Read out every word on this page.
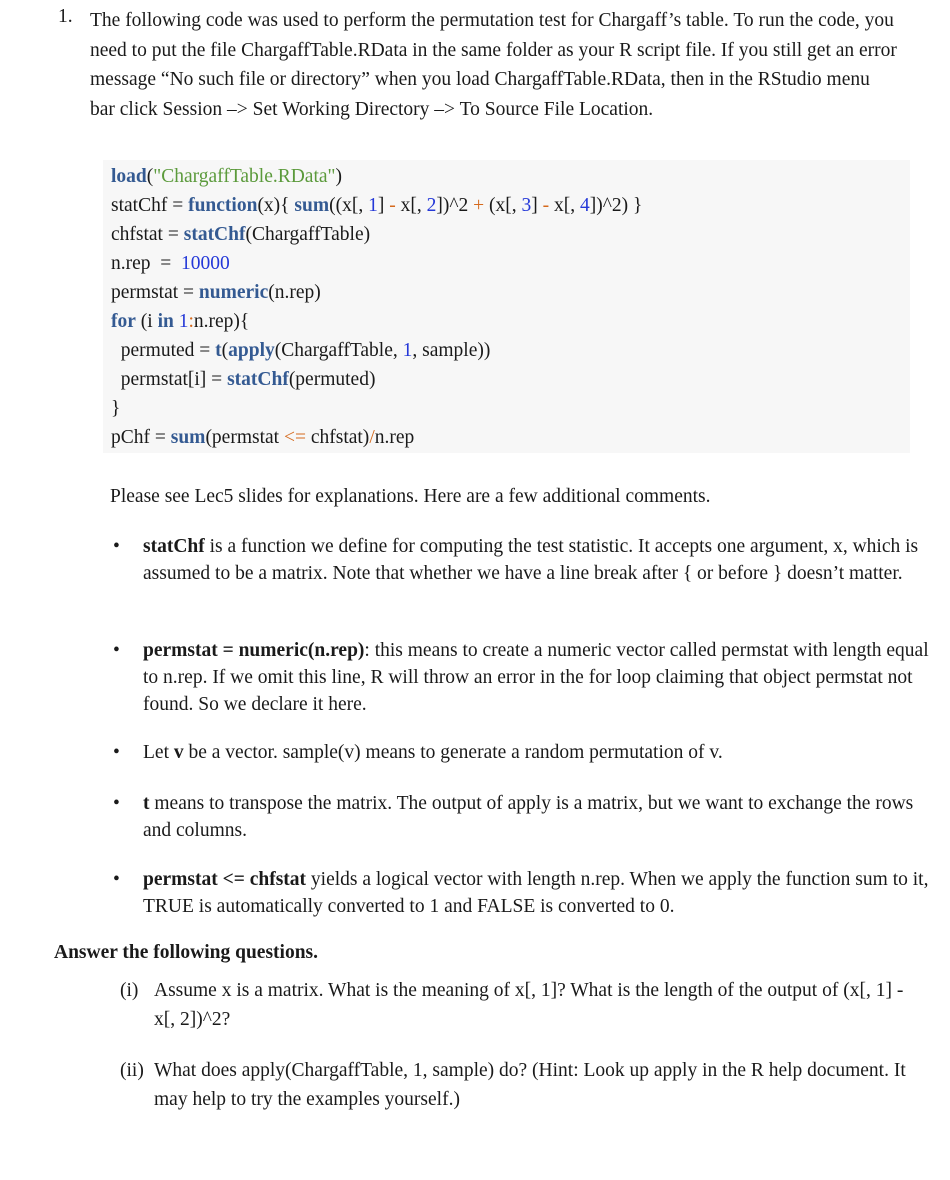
1. The following code was used to perform the permutation test for Chargaff’s table. To run the code, you need to put the file ChargaffTable.RData in the same folder as your R script file. If you still get an error message “No such file or directory” when you load ChargaffTable.RData, then in the RStudio menu bar click Session –> Set Working Directory –> To Source File Location.
load("ChargaffTable.RData")
statChf = function(x){ sum((x[, 1] - x[, 2])^2 + (x[, 3] - x[, 4])^2) }
chfstat = statChf(ChargaffTable)
n.rep  =  10000
permstat = numeric(n.rep)
for (i in 1:n.rep){
permuted = t(apply(ChargaffTable, 1, sample))
permstat[i] = statChf(permuted)
}
pChf = sum(permstat <= chfstat)/n.rep
Please see Lec5 slides for explanations. Here are a few additional comments.
• statChf is a function we define for computing the test statistic. It accepts one argument, x, which is assumed to be a matrix. Note that whether we have a line break after { or before } doesn’t matter.
• permstat = numeric(n.rep): this means to create a numeric vector called permstat with length equal to n.rep. If we omit this line, R will throw an error in the for loop claiming that object permstat not found. So we declare it here.
• Let v be a vector. sample(v) means to generate a random permutation of v.
• t means to transpose the matrix. The output of apply is a matrix, but we want to exchange the rows and columns.
• permstat <= chfstat yields a logical vector with length n.rep. When we apply the function sum to it, TRUE is automatically converted to 1 and FALSE is converted to 0.
Answer the following questions.
(i) Assume x is a matrix. What is the meaning of x[, 1]? What is the length of the output of (x[, 1] - x[, 2])^2?
(ii) What does apply(ChargaffTable, 1, sample) do? (Hint: Look up apply in the R help document. It may help to try the examples yourself.)
